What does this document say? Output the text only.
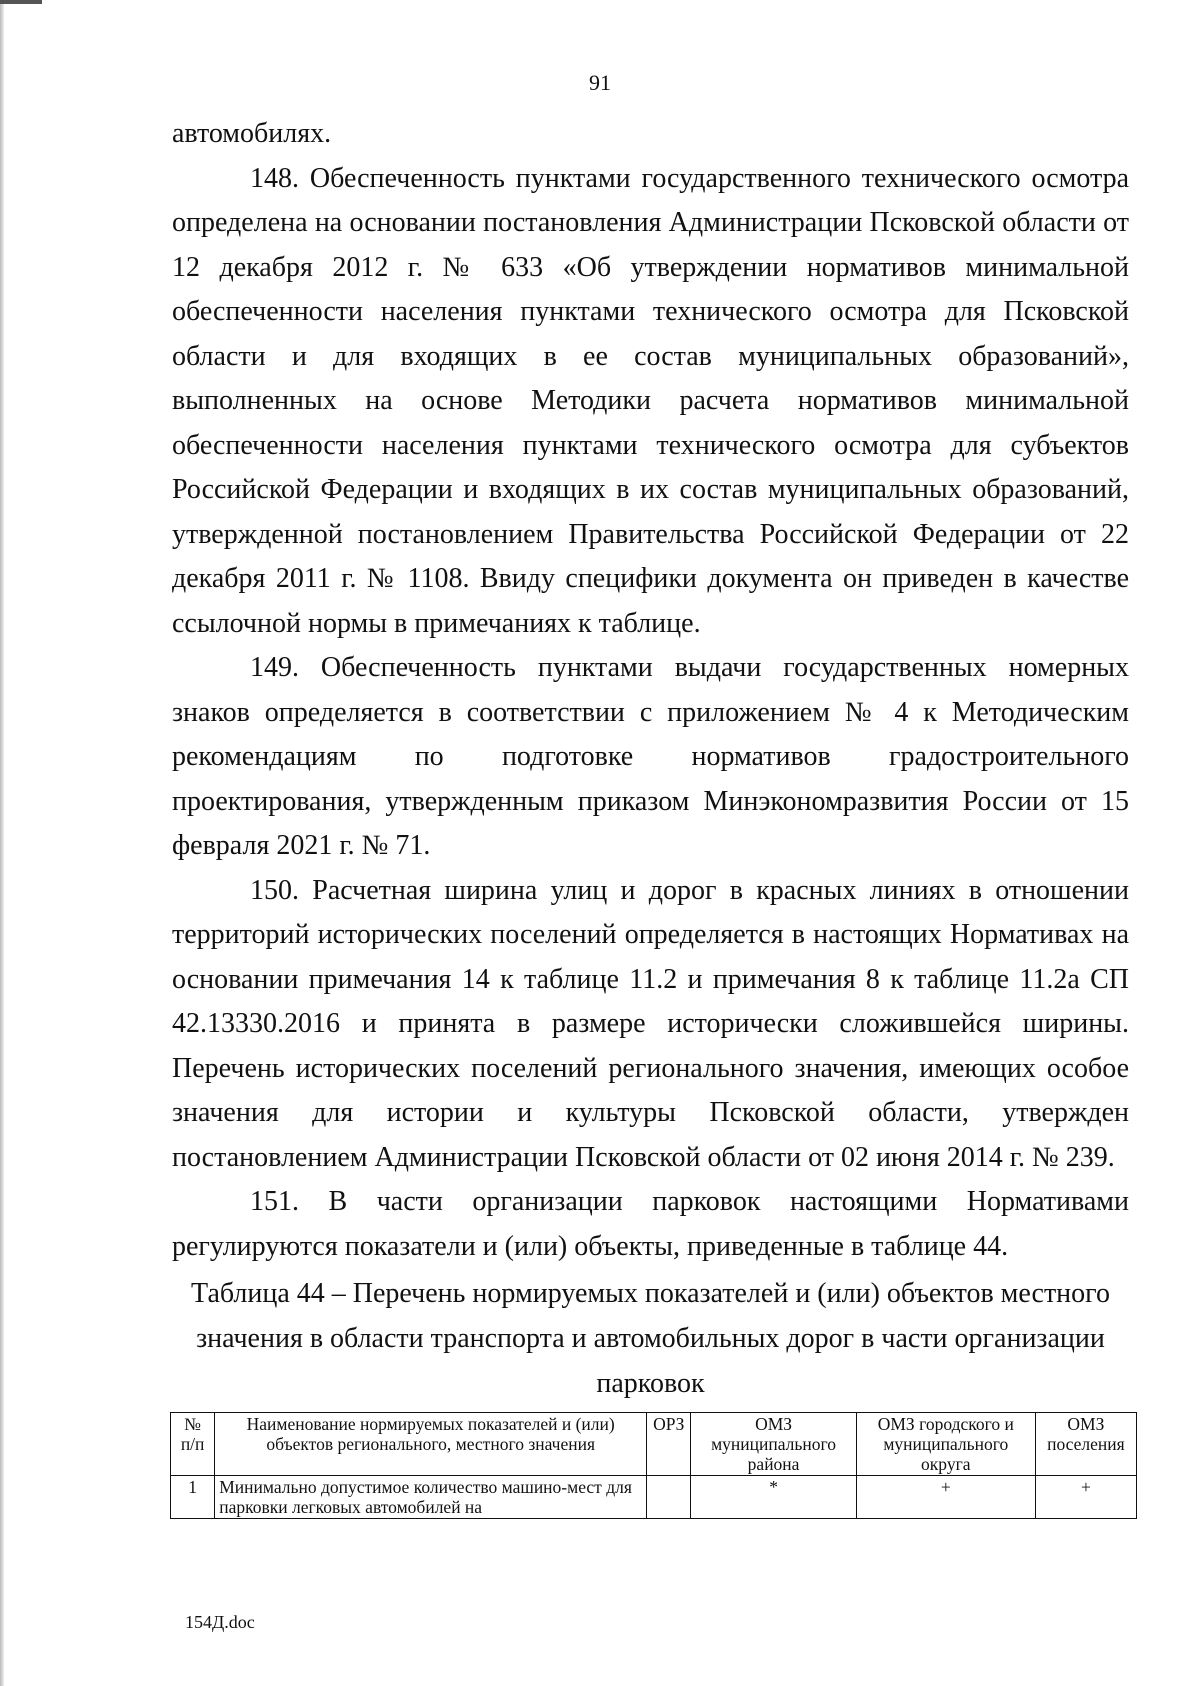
91

автомобилях.

148. Обеспеченность пунктами государственного технического осмотра определена на основании постановления Администрации Псковской области от 12 декабря 2012 г. № 633 «Об утверждении нормативов минимальной обеспеченности населения пунктами технического осмотра для Псковской области и для входящих в ее состав муниципальных образований», выполненных на основе Методики расчета нормативов минимальной обеспеченности населения пунктами технического осмотра для субъектов Российской Федерации и входящих в их состав муниципальных образований, утвержденной постановлением Правительства Российской Федерации от 22 декабря 2011 г. № 1108. Ввиду специфики документа он приведен в качестве ссылочной нормы в примечаниях к таблице.

149. Обеспеченность пунктами выдачи государственных номерных знаков определяется в соответствии с приложением № 4 к Методическим рекомендациям по подготовке нормативов градостроительного проектирования, утвержденным приказом Минэкономразвития России от 15 февраля 2021 г. № 71.

150. Расчетная ширина улиц и дорог в красных линиях в отношении территорий исторических поселений определяется в настоящих Нормативах на основании примечания 14 к таблице 11.2 и примечания 8 к таблице 11.2а СП 42.13330.2016 и принята в размере исторически сложившейся ширины. Перечень исторических поселений регионального значения, имеющих особое значения для истории и культуры Псковской области, утвержден постановлением Администрации Псковской области от 02 июня 2014 г. № 239.

151. В части организации парковок настоящими Нормативами регулируются показатели и (или) объекты, приведенные в таблице 44.

Таблица 44 – Перечень нормируемых показателей и (или) объектов местного значения в области транспорта и автомобильных дорог в части организации парковок
№ п/п	Наименование нормируемых показателей и (или) объектов регионального, местного значения	ОРЗ	ОМЗ муниципального района	ОМЗ городского и муниципального округа	ОМЗ поселения
1	Минимально допустимое количество машино-мест для парковки легковых автомобилей на		*	+	+
154Д.doc
